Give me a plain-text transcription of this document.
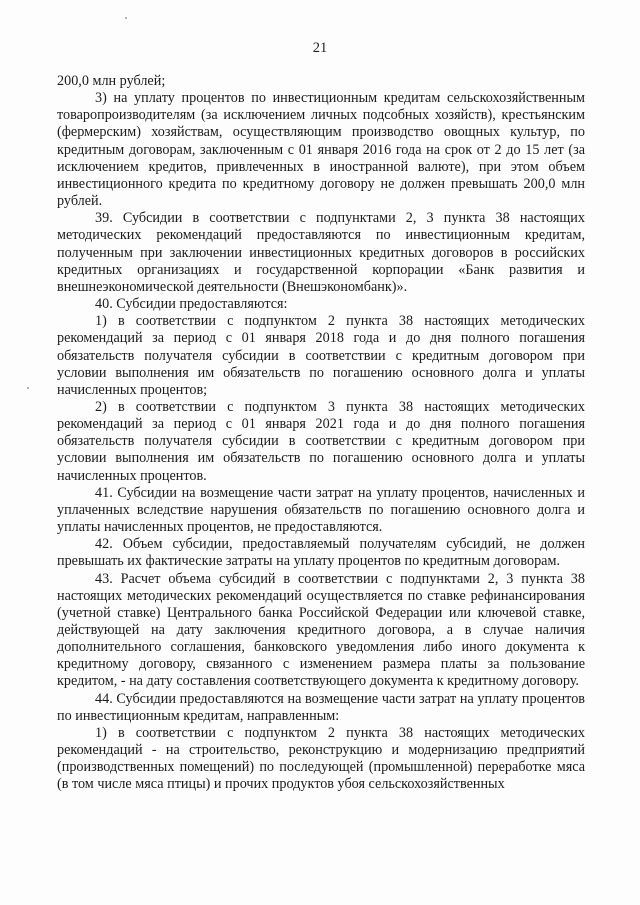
21

200,0 млн рублей;

3) на уплату процентов по инвестиционным кредитам сельскохозяйственным товаропроизводителям (за исключением личных подсобных хозяйств), крестьянским (фермерским) хозяйствам, осуществляющим производство овощных культур, по кредитным договорам, заключенным с 01 января 2016 года на срок от 2 до 15 лет (за исключением кредитов, привлеченных в иностранной валюте), при этом объем инвестиционного кредита по кредитному договору не должен превышать 200,0 млн рублей.

39. Субсидии в соответствии с подпунктами 2, 3 пункта 38 настоящих методических рекомендаций предоставляются по инвестиционным кредитам, полученным при заключении инвестиционных кредитных договоров в российских кредитных организациях и государственной корпорации «Банк развития и внешнеэкономической деятельности (Внешэкономбанк)».

40. Субсидии предоставляются:

1) в соответствии с подпунктом 2 пункта 38 настоящих методических рекомендаций за период с 01 января 2018 года и до дня полного погашения обязательств получателя субсидии в соответствии с кредитным договором при условии выполнения им обязательств по погашению основного долга и уплаты начисленных процентов;

2) в соответствии с подпунктом 3 пункта 38 настоящих методических рекомендаций за период с 01 января 2021 года и до дня полного погашения обязательств получателя субсидии в соответствии с кредитным договором при условии выполнения им обязательств по погашению основного долга и уплаты начисленных процентов.

41. Субсидии на возмещение части затрат на уплату процентов, начисленных и уплаченных вследствие нарушения обязательств по погашению основного долга и уплаты начисленных процентов, не предоставляются.

42. Объем субсидии, предоставляемый получателям субсидий, не должен превышать их фактические затраты на уплату процентов по кредитным договорам.

43. Расчет объема субсидий в соответствии с подпунктами 2, 3 пункта 38 настоящих методических рекомендаций осуществляется по ставке рефинансирования (учетной ставке) Центрального банка Российской Федерации или ключевой ставке, действующей на дату заключения кредитного договора, а в случае наличия дополнительного соглашения, банковского уведомления либо иного документа к кредитному договору, связанного с изменением размера платы за пользование кредитом, - на дату составления соответствующего документа к кредитному договору.

44. Субсидии предоставляются на возмещение части затрат на уплату процентов по инвестиционным кредитам, направленным:

1) в соответствии с подпунктом 2 пункта 38 настоящих методических рекомендаций - на строительство, реконструкцию и модернизацию предприятий (производственных помещений) по последующей (промышленной) переработке мяса (в том числе мяса птицы) и прочих продуктов убоя сельскохозяйственных
